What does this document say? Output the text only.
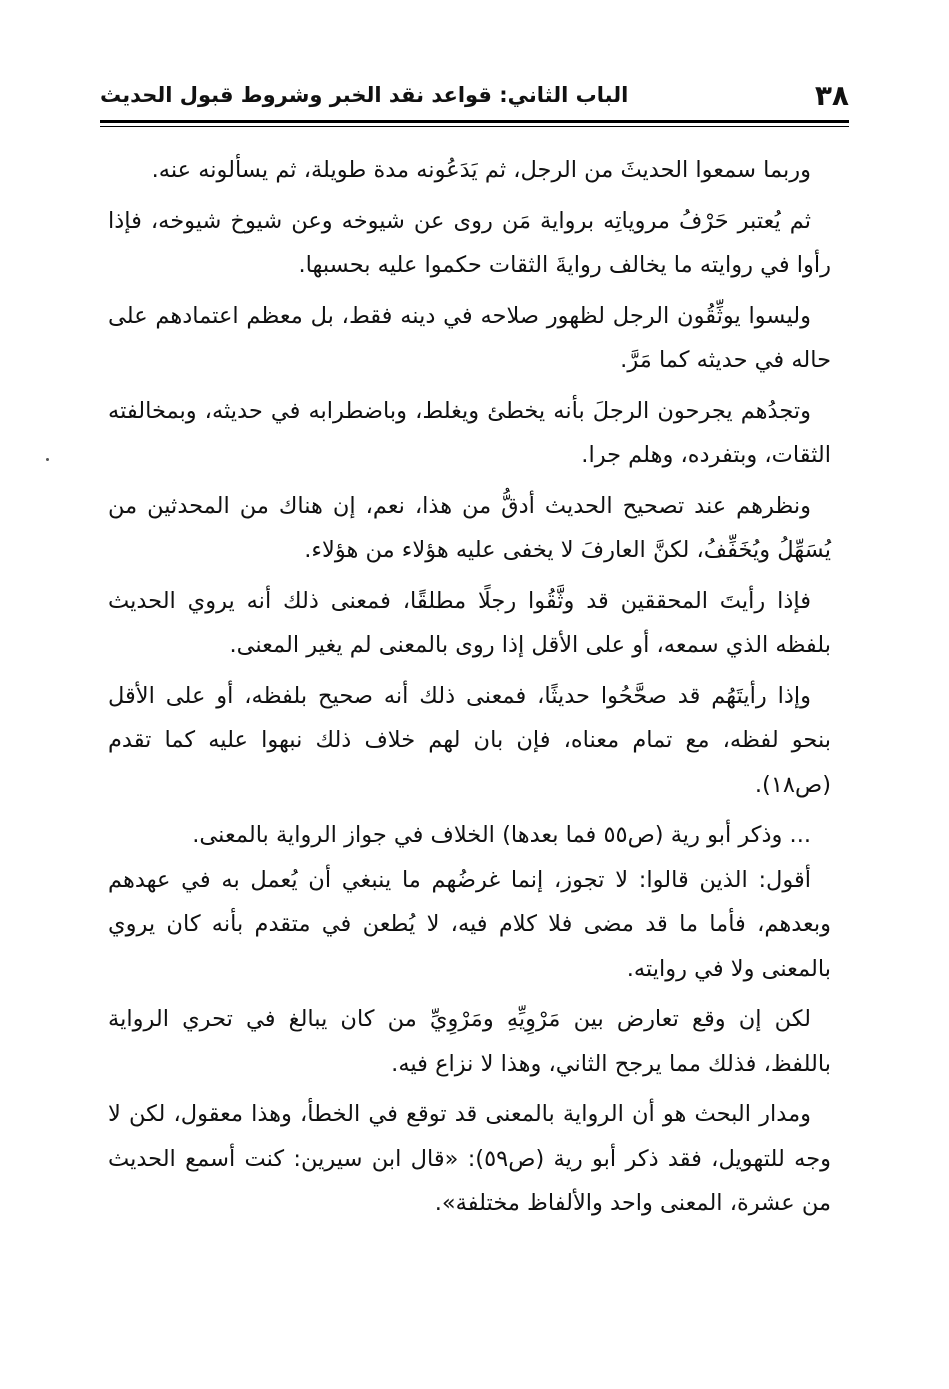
٣٨
الباب الثاني: قواعد نقد الخبر وشروط قبول الحديث

وربما سمعوا الحديثَ من الرجل، ثم يَدَعُونه مدة طويلة، ثم يسألونه عنه.

ثم يُعتبر حَرْفُ مروياتِه برواية مَن روى عن شيوخه وعن شيوخ شيوخه، فإذا رأوا في روايته ما يخالف روايةَ الثقات حكموا عليه بحسبها.

وليسوا يوثِّقُون الرجل لظهور صلاحه في دينه فقط، بل معظم اعتمادهم على حاله في حديثه كما مَرَّ.

وتجدُهم يجرحون الرجلَ بأنه يخطئ ويغلط، وباضطرابه في حديثه، وبمخالفته الثقات، وبتفرده، وهلم جرا.

ونظرهم عند تصحيح الحديث أدقُّ من هذا، نعم، إن هناك من المحدثين من يُسَهِّلُ ويُخَفِّفُ، لكنَّ العارفَ لا يخفى عليه هؤلاء من هؤلاء.

فإذا رأيتَ المحققين قد وثَّقُوا رجلًا مطلقًا، فمعنى ذلك أنه يروي الحديث بلفظه الذي سمعه، أو على الأقل إذا روى بالمعنى لم يغير المعنى.

وإذا رأيتَهُم قد صحَّحُوا حديثًا، فمعنى ذلك أنه صحيح بلفظه، أو على الأقل بنحو لفظه، مع تمام معناه، فإن بان لهم خلاف ذلك نبهوا عليه كما تقدم (ص١٨).

... وذكر أبو رية (ص٥٥ فما بعدها) الخلاف في جواز الرواية بالمعنى.

أقول: الذين قالوا: لا تجوز، إنما غرضُهم ما ينبغي أن يُعمل به في عهدهم وبعدهم، فأما ما قد مضى فلا كلام فيه، لا يُطعن في متقدم بأنه كان يروي بالمعنى ولا في روايته.

لكن إن وقع تعارض بين مَرْوِيِّهِ ومَرْوِيِّ من كان يبالغ في تحري الرواية باللفظ، فذلك مما يرجح الثاني، وهذا لا نزاع فيه.

ومدار البحث هو أن الرواية بالمعنى قد توقع في الخطأ، وهذا معقول، لكن لا وجه للتهويل، فقد ذكر أبو رية (ص٥٩): «قال ابن سيرين: كنت أسمع الحديث من عشرة، المعنى واحد والألفاظ مختلفة».
